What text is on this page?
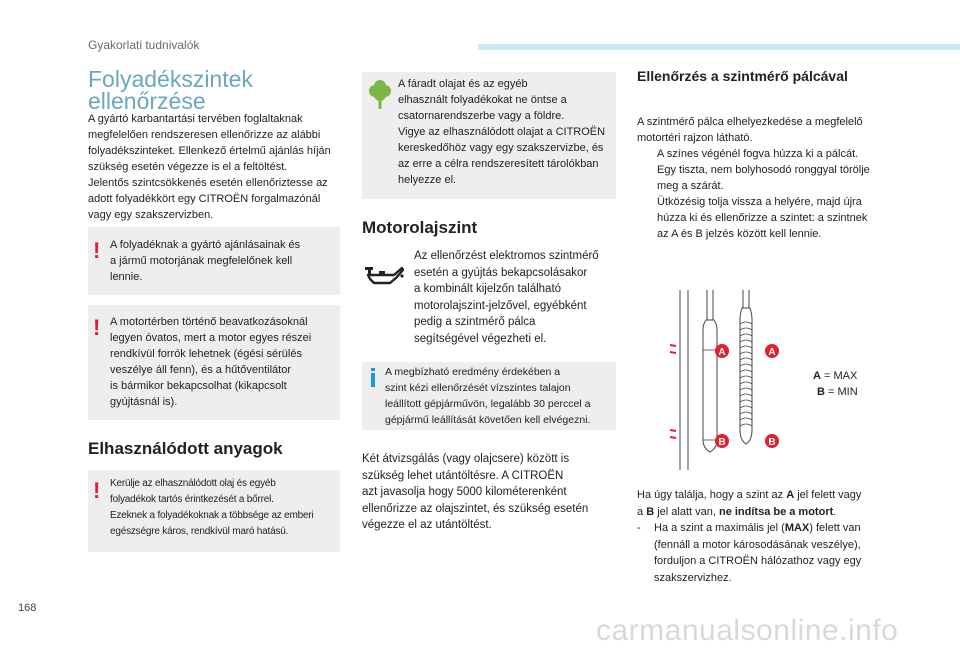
Gyakorlati tudnivalók
Folyadékszintek
ellenőrzése
A gyártó karbantartási tervében foglaltaknak
megfelelően rendszeresen ellenőrizze az alábbi
folyadékszinteket. Ellenkező értelmű ajánlás híján
szükség esetén végezze is el a feltöltést.
Jelentős szintcsökkenés esetén ellenőriztesse az
adott folyadékkört egy CITROËN forgalmazónál
vagy egy szakszervizben.
! A folyadéknak a gyártó ajánlásainak és
a jármű motorjának megfelelőnek kell
lennie.
! A motortérben történő beavatkozásoknál
legyen óvatos, mert a motor egyes részei
rendkívül forrók lehetnek (égési sérülés
veszélye áll fenn), és a hűtőventilátor
is bármikor bekapcsolhat (kikapcsolt
gyújtásnál is).
Elhasználódott anyagok
! Kerülje az elhasználódott olaj és egyéb
folyadékok tartós érintkezését a bőrrel.
Ezeknek a folyadékoknak a többsége az emberi
egészségre káros, rendkívül maró hatású.
A fáradt olajat és az egyéb
elhasznált folyadékokat ne öntse a
csatornarendszerbe vagy a földre.
Vigye az elhasználódott olajat a CITROËN
kereskedőhöz vagy egy szakszervizbe, és
az erre a célra rendszeresített tárolókban
helyezze el.
Motorolajszint
Az ellenőrzést elektromos szintmérő
esetén a gyújtás bekapcsolásakor
a kombinált kijelzőn található
motorolajszint-jelzővel, egyébként
pedig a szintmérő pálca
segítségével végezheti el.
A megbízható eredmény érdekében a
szint kézi ellenőrzését vízszintes talajon
leállított gépjárművön, legalább 30 perccel a
gépjármű leállítását követően kell elvégezni.
Két átvizsgálás (vagy olajcsere) között is
szükség lehet utántöltésre. A CITROËN
azt javasolja hogy 5000 kilométerenként
ellenőrizze az olajszintet, és szükség esetén
végezze el az utántöltést.
Ellenőrzés a szintmérő pálcával
A szintmérő pálca elhelyezkedése a megfelelő
motortéri rajzon látható.
A színes végénél fogva húzza ki a pálcát.
Egy tiszta, nem bolyhosodó ronggyal törölje
meg a szárát.
Ütközésig tolja vissza a helyére, majd újra
húzza ki és ellenőrizze a szintet: a szintnek
az A és B jelzés között kell lennie.
A	A
B	B
A = MAX
B = MIN
Ha úgy találja, hogy a szint az A jel felett vagy
a B jel alatt van, ne indítsa be a motort.
- Ha a szint a maximális jel (MAX) felett van
(fennáll a motor károsodásának veszélye),
forduljon a CITROËN hálózathoz vagy egy
szakszervizhez.
168
carmanualsonline.info
